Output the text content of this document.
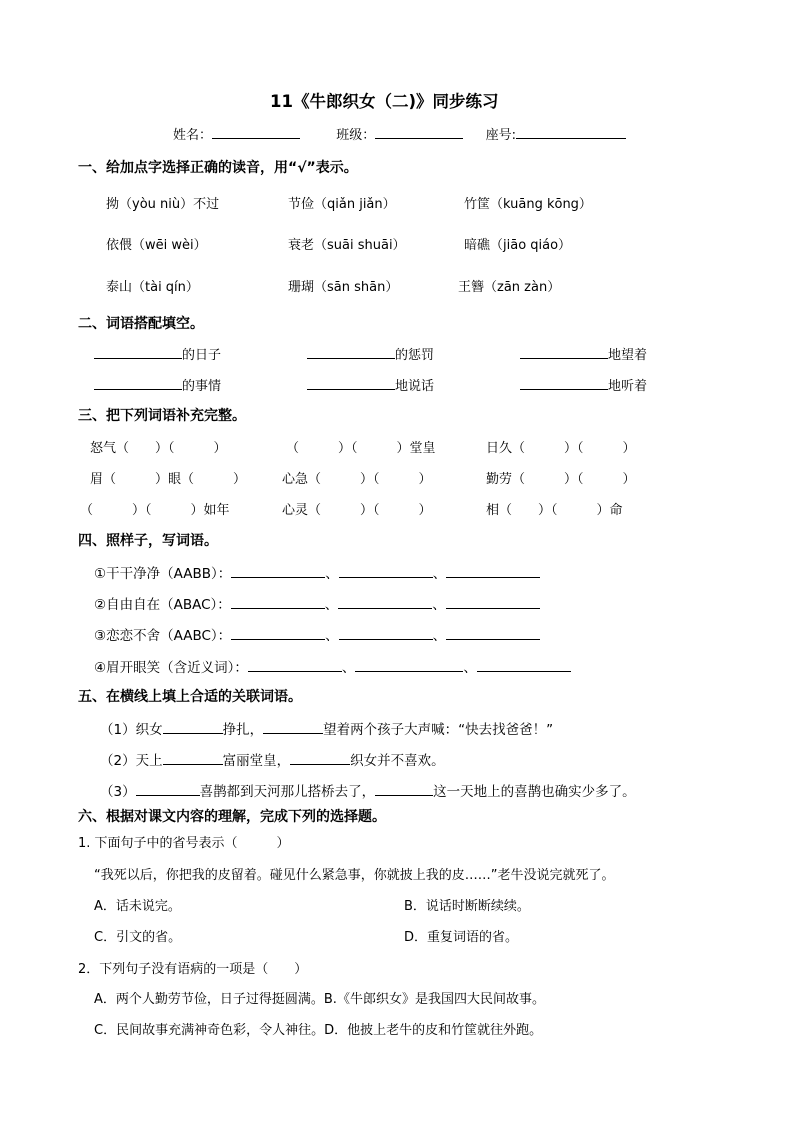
11《牛郎织女（二)》同步练习
姓名：	班级：	座号:
一、给加点字选择正确的读音，用“√”表示。
拗（yòu niù）不过	节俭（qiǎn jiǎn）	竹筐（kuāng kōng）
依偎（wēi wèi）	衰老（suāi shuāi）	暗礁（jiāo qiáo）
泰山（tài qín）	珊瑚（sān shān）	王簪（zān zàn）
二、词语搭配填空。
的日子	的惩罚	地望着
的事情	地说话	地听着
三、把下列词语补充完整。
怒气（　　）（　　　）	（　　　）（　　　）堂皇	日久（　　　）（　　　）
眉（　　　）眼（　　　）	心急（　　　）（　　　）	勤劳（　　　）（　　　）
（　　　）（　　　）如年	心灵（　　　）（　　　）	相（　　）（　　　）命
四、照样子，写词语。
①干干净净（AABB）：	、	、
②自由自在（ABAC）：	、	、
③恋恋不舍（AABC）：	、	、
④眉开眼笑（含近义词）：	、	、
五、在横线上填上合适的关联词语。
（1）织女	挣扎，	望着两个孩子大声喊：“快去找爸爸！”
（2）天上	富丽堂皇，	织女并不喜欢。
（3）	喜鹊都到天河那儿搭桥去了，	这一天地上的喜鹊也确实少多了。
六、根据对课文内容的理解，完成下列的选择题。
1. 下面句子中的省号表示（　　　）
“我死以后，你把我的皮留着。碰见什么紧急事，你就披上我的皮……”老牛没说完就死了。
A．话未说完。	B．说话时断断续续。
C．引文的省。	D．重复词语的省。
2．下列句子没有语病的一项是（　　）
A．两个人勤劳节俭，日子过得挺圆满。B.《牛郎织女》是我国四大民间故事。
C．民间故事充满神奇色彩，令人神往。D．他披上老牛的皮和竹筐就往外跑。
